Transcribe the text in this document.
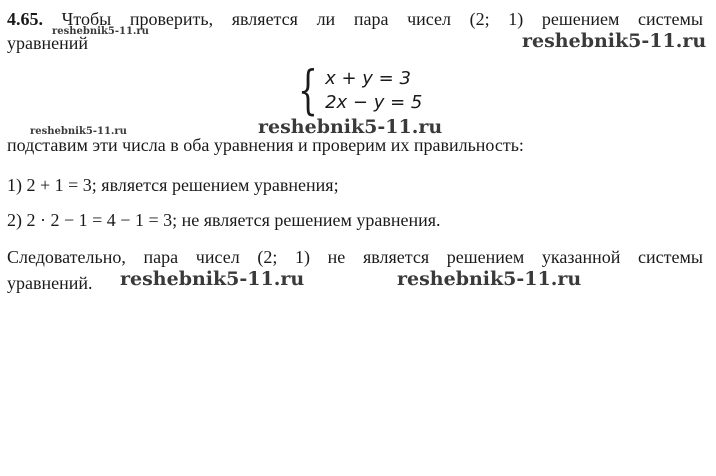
4.65. Чтобы проверить, является ли пара чисел (2; 1) решением системы
уравнений
{ x + y = 3
2x − y = 5
подставим эти числа в оба уравнения и проверим их правильность:
1) 2 + 1 = 3; является решением уравнения;
2) 2 · 2 − 1 = 4 − 1 = 3; не является решением уравнения.
Следовательно, пара чисел (2; 1) не является решением указанной системы
уравнений.
reshebnik5-11.ru	reshebnik5-11.ru
reshebnik5-11.ru	reshebnik5-11.ru
reshebnik5-11.ru	reshebnik5-11.ru
